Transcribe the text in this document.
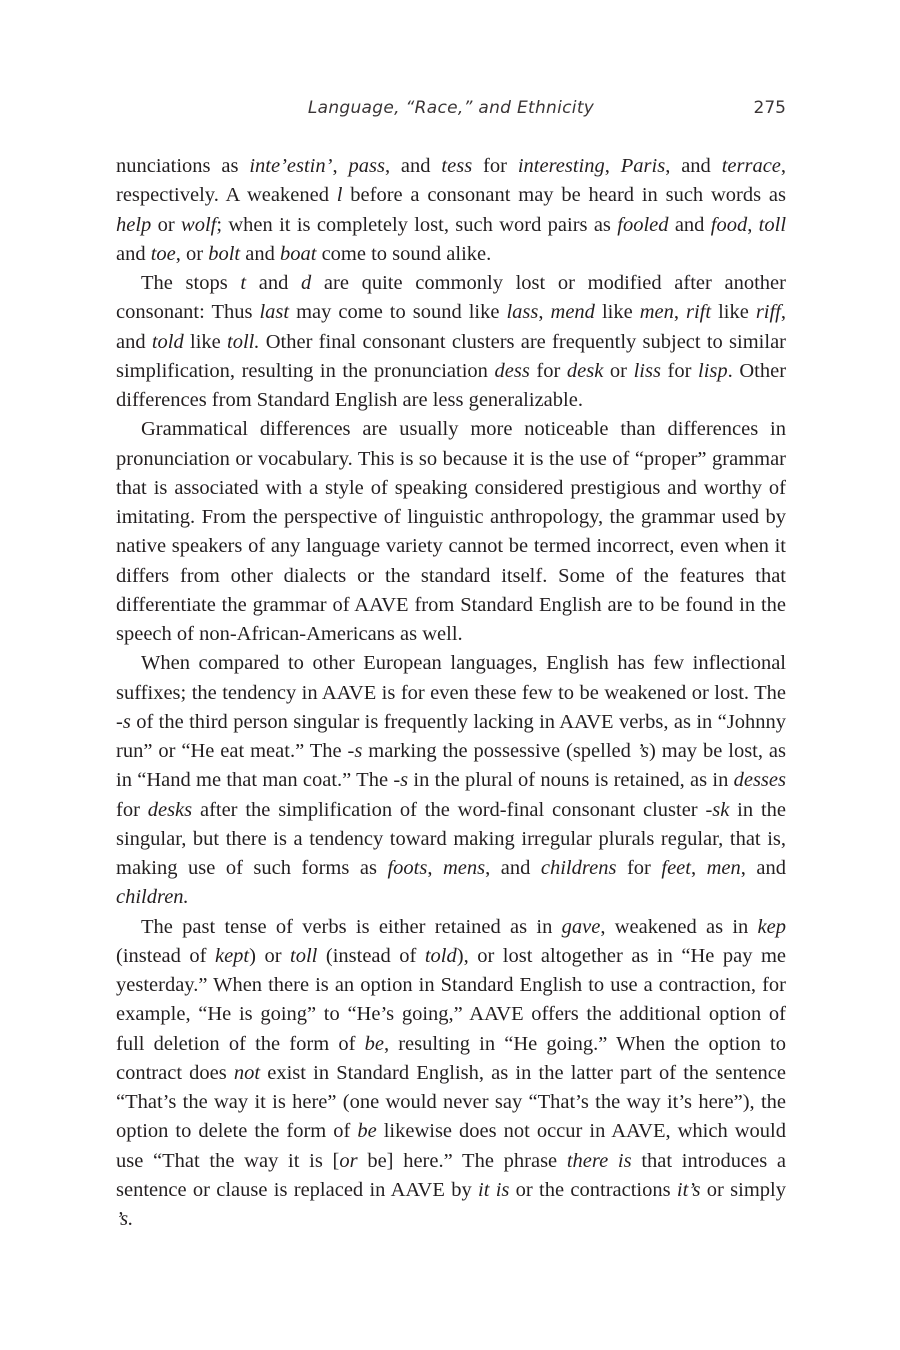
Language, “Race,” and Ethnicity	275

nunciations as inte’estin’, pass, and tess for interesting, Paris, and terrace, respectively. A weakened l before a consonant may be heard in such words as help or wolf; when it is completely lost, such word pairs as fooled and food, toll and toe, or bolt and boat come to sound alike.

The stops t and d are quite commonly lost or modified after another consonant: Thus last may come to sound like lass, mend like men, rift like riff, and told like toll. Other final consonant clusters are frequently subject to similar simplification, resulting in the pronunciation dess for desk or liss for lisp. Other differences from Standard English are less generalizable.

Grammatical differences are usually more noticeable than differences in pronunciation or vocabulary. This is so because it is the use of “proper” grammar that is associated with a style of speaking considered prestigious and worthy of imitating. From the perspective of linguistic anthropology, the grammar used by native speakers of any language variety cannot be termed incorrect, even when it differs from other dialects or the standard itself. Some of the features that differentiate the grammar of AAVE from Standard English are to be found in the speech of non-African-Americans as well.

When compared to other European languages, English has few inflectional suffixes; the tendency in AAVE is for even these few to be weakened or lost. The -s of the third person singular is frequently lacking in AAVE verbs, as in “Johnny run” or “He eat meat.” The -s marking the possessive (spelled ’s) may be lost, as in “Hand me that man coat.” The -s in the plural of nouns is retained, as in desses for desks after the simplification of the word-final consonant cluster -sk in the singular, but there is a tendency toward making irregular plurals regular, that is, making use of such forms as foots, mens, and childrens for feet, men, and children.

The past tense of verbs is either retained as in gave, weakened as in kep (instead of kept) or toll (instead of told), or lost altogether as in “He pay me yesterday.” When there is an option in Standard English to use a contraction, for example, “He is going” to “He’s going,” AAVE offers the additional option of full deletion of the form of be, resulting in “He going.” When the option to contract does not exist in Standard English, as in the latter part of the sentence “That’s the way it is here” (one would never say “That’s the way it’s here”), the option to delete the form of be likewise does not occur in AAVE, which would use “That the way it is [or be] here.” The phrase there is that introduces a sentence or clause is replaced in AAVE by it is or the contractions it’s or simply ’s.
